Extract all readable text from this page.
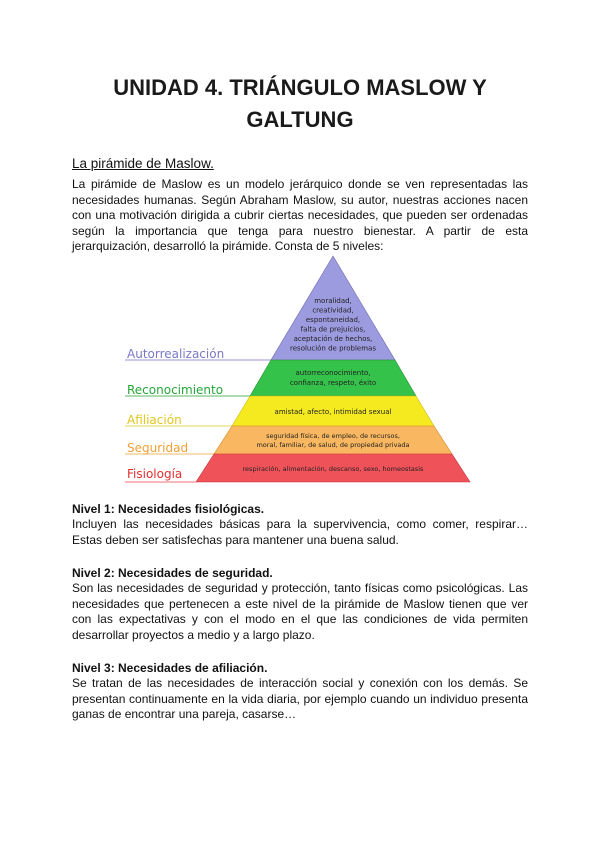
UNIDAD 4. TRIÁNGULO MASLOW Y
GALTUNG
La pirámide de Maslow.
La pirámide de Maslow es un modelo jerárquico donde se ven representadas las necesidades humanas. Según Abraham Maslow, su autor, nuestras acciones nacen con una motivación dirigida a cubrir ciertas necesidades, que pueden ser ordenadas según la importancia que tenga para nuestro bienestar. A partir de esta jerarquización, desarrolló la pirámide. Consta de 5 niveles:
Autorrealización
moralidad,
creatividad,
espontaneidad,
falta de prejuicios,
aceptación de hechos,
resolución de problemas
Reconocimiento
autorreconocimiento,
confianza, respeto, éxito
Afiliación
amistad, afecto, intimidad sexual
Seguridad
seguridad física, de empleo, de recursos,
moral, familiar, de salud, de propiedad privada
Fisiología	respiración, alimentación, descanso, sexo, homeostasis
Nivel 1: Necesidades fisiológicas.
Incluyen las necesidades básicas para la supervivencia, como comer, respirar… Estas deben ser satisfechas para mantener una buena salud.
Nivel 2: Necesidades de seguridad.
Son las necesidades de seguridad y protección, tanto físicas como psicológicas. Las necesidades que pertenecen a este nivel de la pirámide de Maslow tienen que ver con las expectativas y con el modo en el que las condiciones de vida permiten desarrollar proyectos a medio y a largo plazo.
Nivel 3: Necesidades de afiliación.
Se tratan de las necesidades de interacción social y conexión con los demás. Se presentan continuamente en la vida diaria, por ejemplo cuando un individuo presenta ganas de encontrar una pareja, casarse…
